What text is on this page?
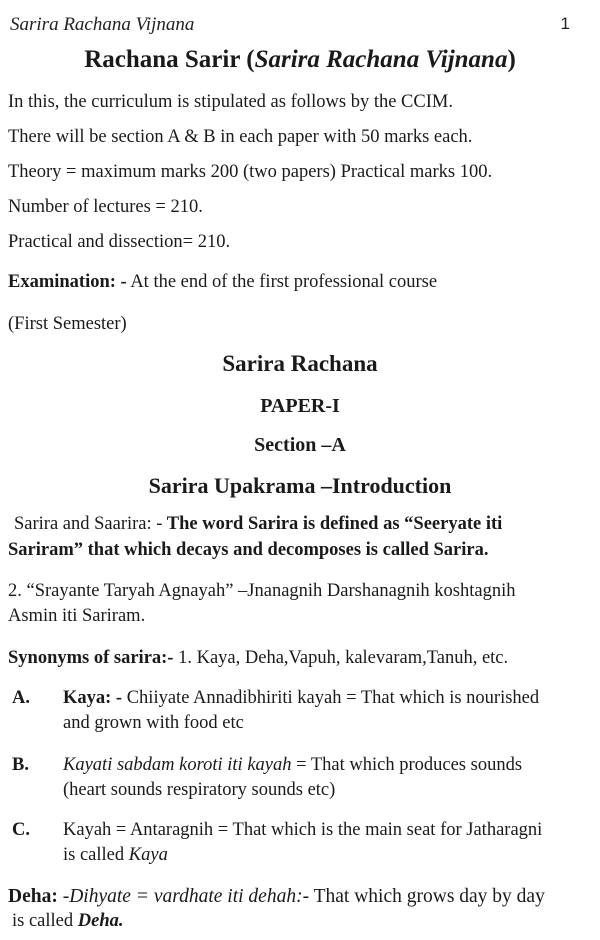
Sarira Rachana Vijnana	1
Rachana Sarir (Sarira Rachana Vijnana)
In this, the curriculum is stipulated as follows by the CCIM.
There will be section A & B in each paper with 50 marks each.
Theory = maximum marks 200 (two papers) Practical marks 100.
Number of lectures = 210.
Practical and dissection= 210.
Examination: - At the end of the first professional course
(First Semester)
Sarira Rachana
PAPER-I
Section –A
Sarira Upakrama –Introduction
Sarira and Saarira: - The word Sarira is defined as “Seeryate iti
Sariram” that which decays and decomposes is called Sarira.
2. “Srayante Taryah Agnayah” –Jnanagnih Darshanagnih koshtagnih
Asmin iti Sariram.
Synonyms of sarira:- 1. Kaya, Deha,Vapuh, kalevaram,Tanuh, etc.
A. Kaya: - Chiiyate Annadibhiriti kayah = That which is nourished
and grown with food etc
B. Kayati sabdam koroti iti kayah = That which produces sounds
(heart sounds respiratory sounds etc)
C. Kayah = Antaragnih = That which is the main seat for Jatharagni
is called Kaya
Deha: -Dihyate = vardhate iti dehah:- That which grows day by day
is called Deha.
